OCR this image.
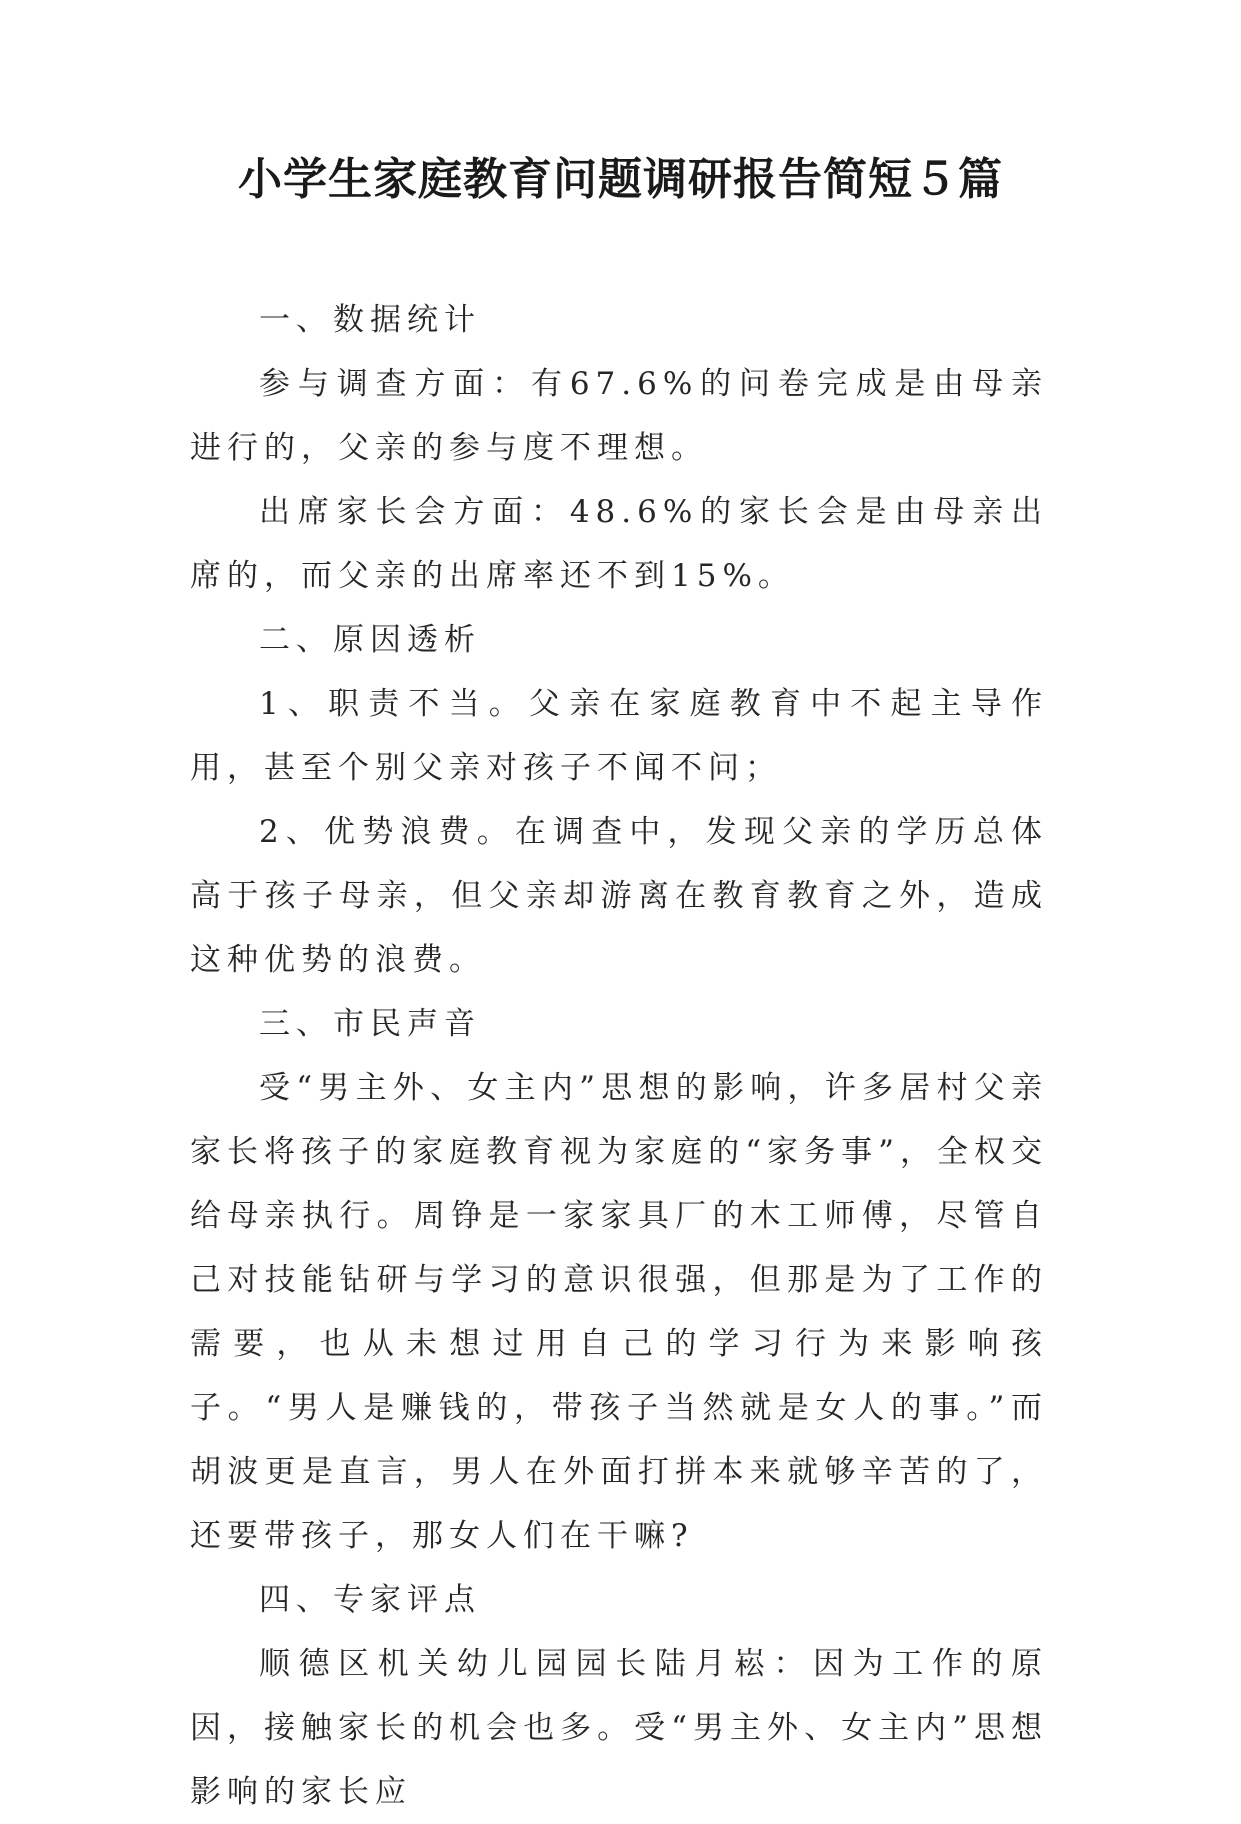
小学生家庭教育问题调研报告简短５篇

一、数据统计

参与调查方面：有67.6%的问卷完成是由母亲进行的，父亲的参与度不理想。

出席家长会方面：48.6%的家长会是由母亲出席的，而父亲的出席率还不到15%。

二、原因透析

1、职责不当。父亲在家庭教育中不起主导作用，甚至个别父亲对孩子不闻不问；

2、优势浪费。在调查中，发现父亲的学历总体高于孩子母亲，但父亲却游离在教育教育之外，造成这种优势的浪费。

三、市民声音

受“男主外、女主内”思想的影响，许多居村父亲家长将孩子的家庭教育视为家庭的“家务事”，全权交给母亲执行。周铮是一家家具厂的木工师傅，尽管自己对技能钻研与学习的意识很强，但那是为了工作的需要，也从未想过用自己的学习行为来影响孩子。“男人是赚钱的，带孩子当然就是女人的事。”而胡波更是直言，男人在外面打拼本来就够辛苦的了，还要带孩子，那女人们在干嘛?

四、专家评点

顺德区机关幼儿园园长陆月崧：因为工作的原因，接触家长的机会也多。受“男主外、女主内”思想影响的家长应
